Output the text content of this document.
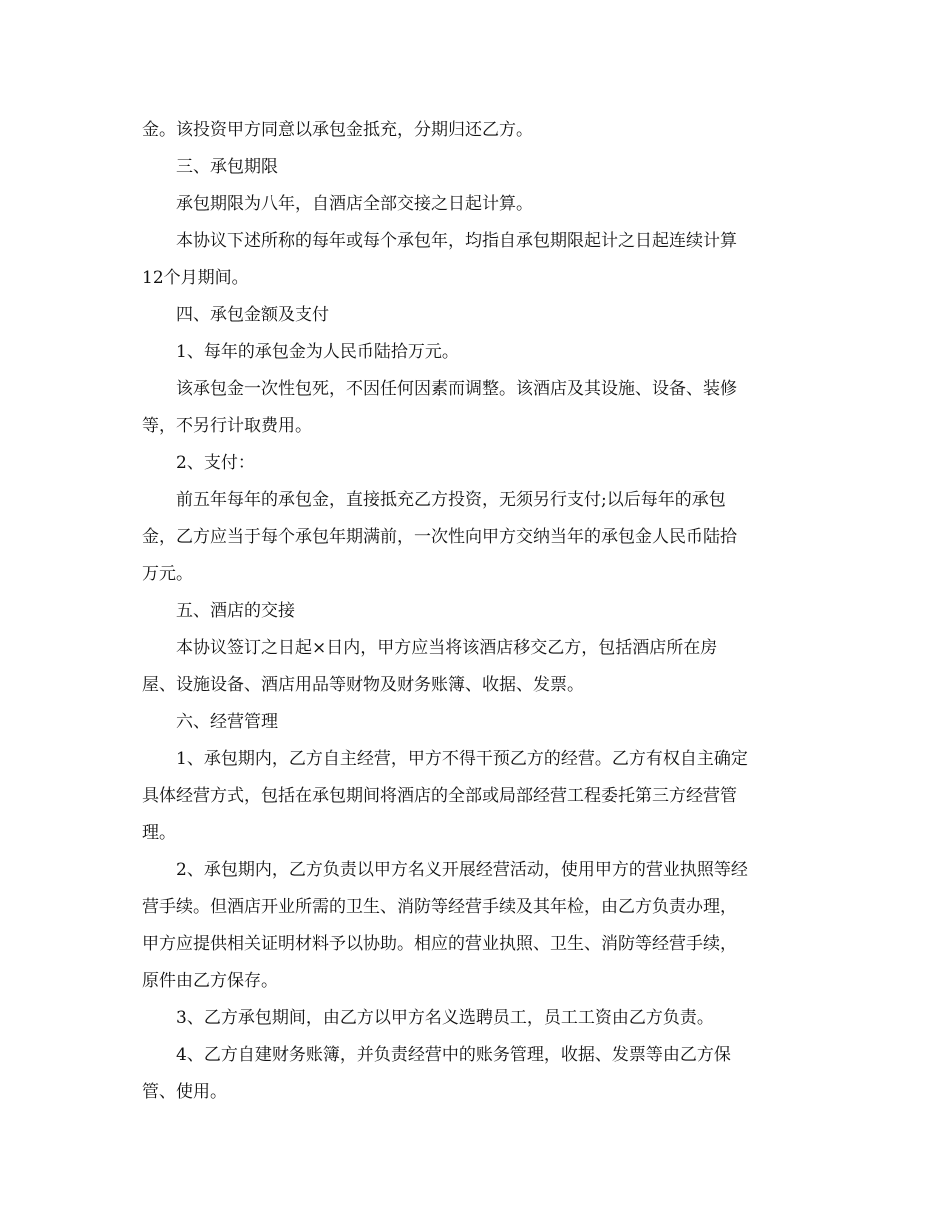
金。该投资甲方同意以承包金抵充，分期归还乙方。
三、承包期限
承包期限为八年，自酒店全部交接之日起计算。
本协议下述所称的每年或每个承包年，均指自承包期限起计之日起连续计算
12个月期间。
四、承包金额及支付
1、每年的承包金为人民币陆拾万元。
该承包金一次性包死，不因任何因素而调整。该酒店及其设施、设备、装修
等，不另行计取费用。
2、支付：
前五年每年的承包金，直接抵充乙方投资，无须另行支付;以后每年的承包
金，乙方应当于每个承包年期满前，一次性向甲方交纳当年的承包金人民币陆拾
万元。
五、酒店的交接
本协议签订之日起×日内，甲方应当将该酒店移交乙方，包括酒店所在房
屋、设施设备、酒店用品等财物及财务账簿、收据、发票。
六、经营管理
1、承包期内，乙方自主经营，甲方不得干预乙方的经营。乙方有权自主确定
具体经营方式，包括在承包期间将酒店的全部或局部经营工程委托第三方经营管
理。
2、承包期内，乙方负责以甲方名义开展经营活动，使用甲方的营业执照等经
营手续。但酒店开业所需的卫生、消防等经营手续及其年检，由乙方负责办理，
甲方应提供相关证明材料予以协助。相应的营业执照、卫生、消防等经营手续，
原件由乙方保存。
3、乙方承包期间，由乙方以甲方名义选聘员工，员工工资由乙方负责。
4、乙方自建财务账簿，并负责经营中的账务管理，收据、发票等由乙方保
管、使用。
